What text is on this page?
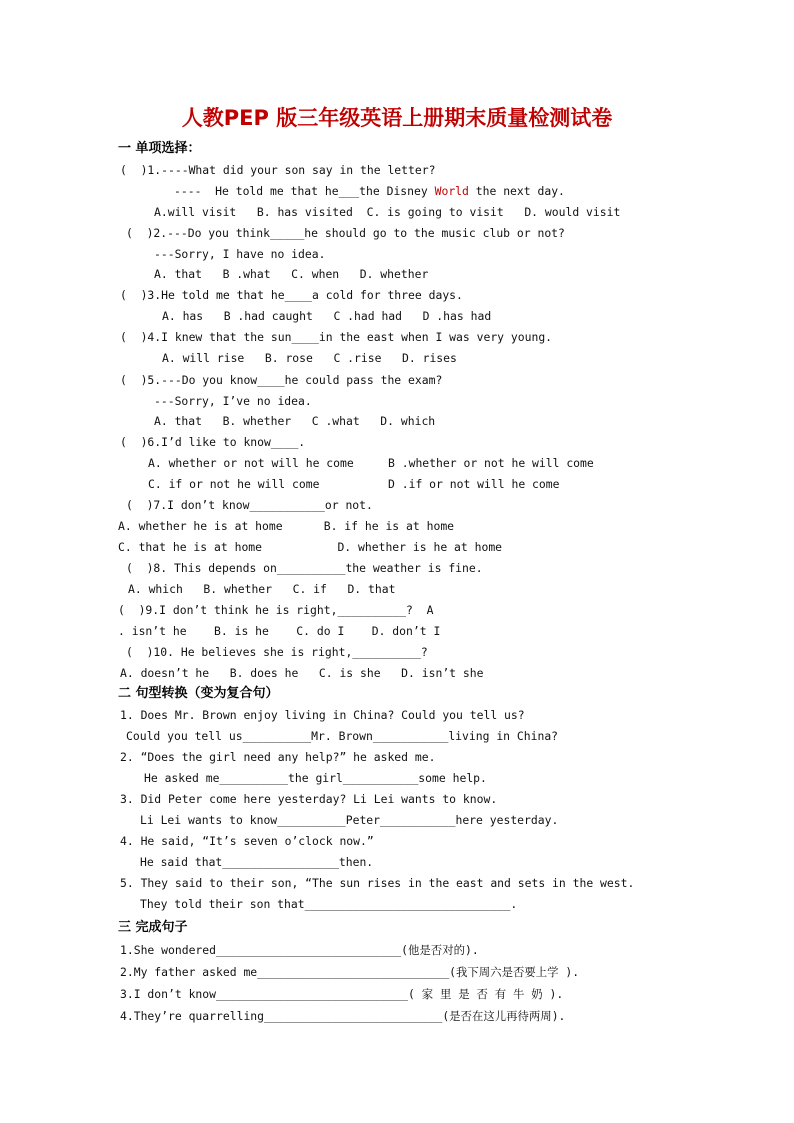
人教PEP 版三年级英语上册期末质量检测试卷
一 单项选择：
(  )1.----What did your son say in the letter?
----  He told me that he___the Disney World the next day.
A.will visit   B. has visited  C. is going to visit   D. would visit
(  )2.---Do you think_____he should go to the music club or not?
---Sorry, I have no idea.
A. that   B .what   C. when   D. whether
(  )3.He told me that he____a cold for three days.
A. has   B .had caught   C .had had   D .has had
(  )4.I knew that the sun____in the east when I was very young.
A. will rise   B. rose   C .rise   D. rises
(  )5.---Do you know____he could pass the exam?
---Sorry, I’ve no idea.
A. that   B. whether   C .what   D. which
(  )6.I’d like to know____.
A. whether or not will he come     B .whether or not he will come
C. if or not he will come          D .if or not will he come
(  )7.I don’t know___________or not.
A. whether he is at home      B. if he is at home
C. that he is at home           D. whether is he at home
(  )8. This depends on__________the weather is fine.
A. which   B. whether   C. if   D. that
(  )9.I don’t think he is right,__________?  A
. isn’t he    B. is he    C. do I    D. don’t I
(  )10. He believes she is right,__________?
A. doesn’t he   B. does he   C. is she   D. isn’t she
二 句型转换（变为复合句）
1. Does Mr. Brown enjoy living in China? Could you tell us?
Could you tell us__________Mr. Brown___________living in China?
2. “Does the girl need any help?” he asked me.
He asked me__________the girl___________some help.
3. Did Peter come here yesterday? Li Lei wants to know.
Li Lei wants to know__________Peter___________here yesterday.
4. He said, “It’s seven o’clock now.”
He said that_________________then.
5. They said to their son, “The sun rises in the east and sets in the west.
They told their son that______________________________.
三 完成句子
1.She wondered___________________________(他是否对的).
2.My father asked me____________________________(我下周六是否要上学 ).
3.I don’t know____________________________( 家 里 是 否 有 牛 奶 ).
4.They’re quarrelling__________________________(是否在这儿再待两周).
